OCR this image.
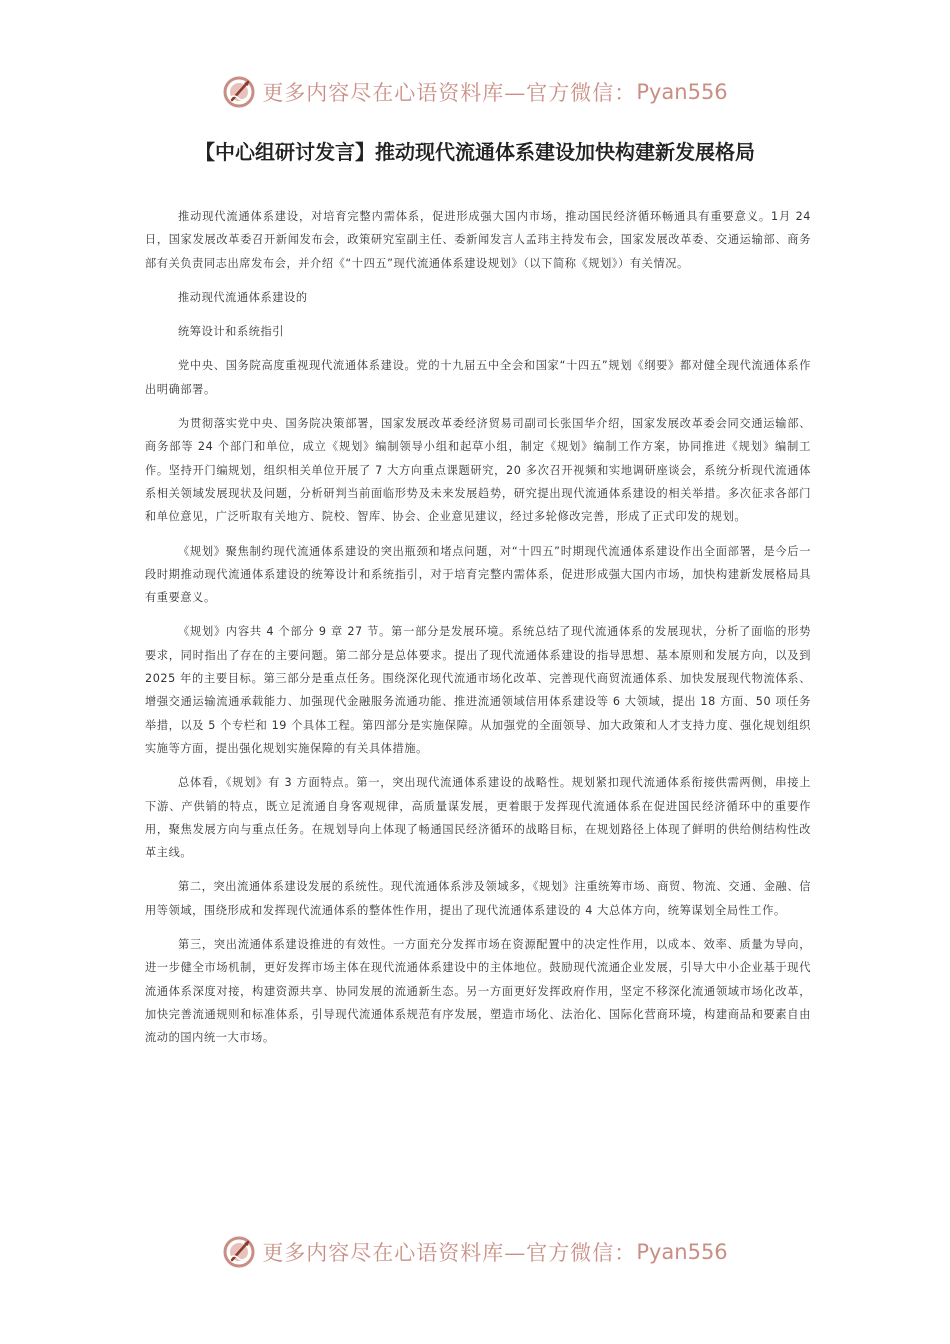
更多内容尽在心语资料库—官方微信： Pyan556
【中心组研讨发言】推动现代流通体系建设加快构建新发展格局

推动现代流通体系建设，对培育完整内需体系，促进形成强大国内市场，推动国民经济循环畅通具有重要意义。1月 24 日，国家发展改革委召开新闻发布会，政策研究室副主任、委新闻发言人孟玮主持发布会，国家发展改革委、交通运输部、商务部有关负责同志出席发布会，并介绍《“十四五”现代流通体系建设规划》（以下简称《规划》）有关情况。

推动现代流通体系建设的

统筹设计和系统指引

党中央、国务院高度重视现代流通体系建设。党的十九届五中全会和国家“十四五”规划《纲要》都对健全现代流通体系作出明确部署。

为贯彻落实党中央、国务院决策部署，国家发展改革委经济贸易司副司长张国华介绍，国家发展改革委会同交通运输部、商务部等 24 个部门和单位，成立《规划》编制领导小组和起草小组，制定《规划》编制工作方案，协同推进《规划》编制工作。坚持开门编规划，组织相关单位开展了 7 大方向重点课题研究，20 多次召开视频和实地调研座谈会，系统分析现代流通体系相关领域发展现状及问题，分析研判当前面临形势及未来发展趋势，研究提出现代流通体系建设的相关举措。多次征求各部门和单位意见，广泛听取有关地方、院校、智库、协会、企业意见建议，经过多轮修改完善，形成了正式印发的规划。

《规划》聚焦制约现代流通体系建设的突出瓶颈和堵点问题，对“十四五”时期现代流通体系建设作出全面部署，是今后一段时期推动现代流通体系建设的统筹设计和系统指引，对于培育完整内需体系，促进形成强大国内市场，加快构建新发展格局具有重要意义。

《规划》内容共 4 个部分 9 章 27 节。第一部分是发展环境。系统总结了现代流通体系的发展现状，分析了面临的形势要求，同时指出了存在的主要问题。第二部分是总体要求。提出了现代流通体系建设的指导思想、基本原则和发展方向，以及到 2025 年的主要目标。第三部分是重点任务。围绕深化现代流通市场化改革、完善现代商贸流通体系、加快发展现代物流体系、增强交通运输流通承载能力、加强现代金融服务流通功能、推进流通领域信用体系建设等 6 大领域，提出 18 方面、50 项任务举措，以及 5 个专栏和 19 个具体工程。第四部分是实施保障。从加强党的全面领导、加大政策和人才支持力度、强化规划组织实施等方面，提出强化规划实施保障的有关具体措施。

总体看，《规划》有 3 方面特点。第一，突出现代流通体系建设的战略性。规划紧扣现代流通体系衔接供需两侧，串接上下游、产供销的特点，既立足流通自身客观规律，高质量谋发展，更着眼于发挥现代流通体系在促进国民经济循环中的重要作用，聚焦发展方向与重点任务。在规划导向上体现了畅通国民经济循环的战略目标，在规划路径上体现了鲜明的供给侧结构性改革主线。

第二，突出流通体系建设发展的系统性。现代流通体系涉及领域多，《规划》注重统筹市场、商贸、物流、交通、金融、信用等领域，围绕形成和发挥现代流通体系的整体性作用，提出了现代流通体系建设的 4 大总体方向，统筹谋划全局性工作。

第三，突出流通体系建设推进的有效性。一方面充分发挥市场在资源配置中的决定性作用，以成本、效率、质量为导向，进一步健全市场机制，更好发挥市场主体在现代流通体系建设中的主体地位。鼓励现代流通企业发展，引导大中小企业基于现代流通体系深度对接，构建资源共享、协同发展的流通新生态。另一方面更好发挥政府作用，坚定不移深化流通领域市场化改革，加快完善流通规则和标准体系，引导现代流通体系规范有序发展，塑造市场化、法治化、国际化营商环境，构建商品和要素自由流动的国内统一大市场。

更多内容尽在心语资料库—官方微信： Pyan556
